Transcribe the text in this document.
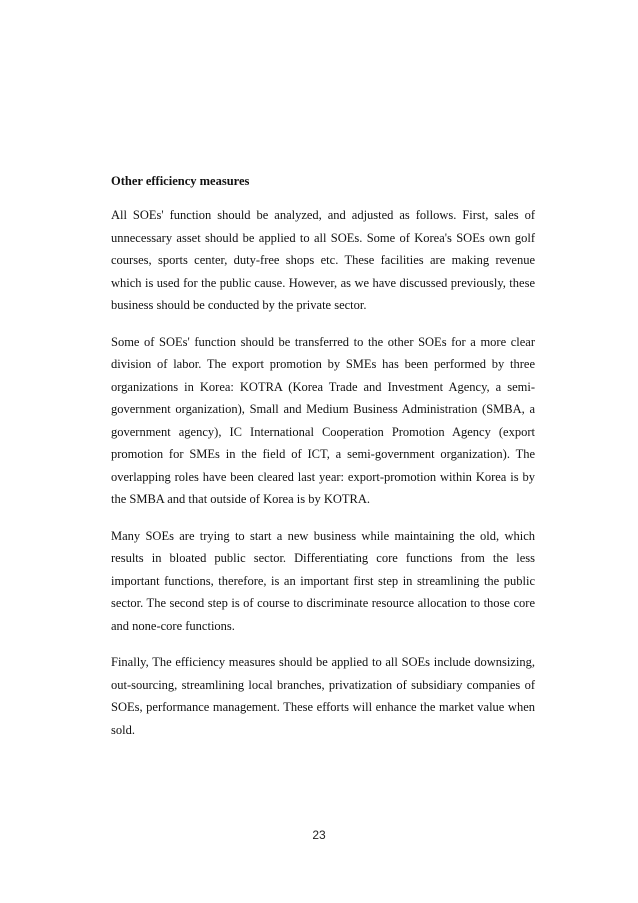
Other efficiency measures

All SOEs' function should be analyzed, and adjusted as follows. First, sales of unnecessary asset should be applied to all SOEs. Some of Korea's SOEs own golf courses, sports center, duty-free shops etc. These facilities are making revenue which is used for the public cause. However, as we have discussed previously, these business should be conducted by the private sector.

Some of SOEs' function should be transferred to the other SOEs for a more clear division of labor. The export promotion by SMEs has been performed by three organizations in Korea: KOTRA (Korea Trade and Investment Agency, a semi-government organization), Small and Medium Business Administration (SMBA, a government agency), IC International Cooperation Promotion Agency (export promotion for SMEs in the field of ICT, a semi-government organization). The overlapping roles have been cleared last year: export-promotion within Korea is by the SMBA and that outside of Korea is by KOTRA.

Many SOEs are trying to start a new business while maintaining the old, which results in bloated public sector. Differentiating core functions from the less important functions, therefore, is an important first step in streamlining the public sector. The second step is of course to discriminate resource allocation to those core and none-core functions.

Finally, The efficiency measures should be applied to all SOEs include downsizing, out-sourcing, streamlining local branches, privatization of subsidiary companies of SOEs, performance management. These efforts will enhance the market value when sold.

23
